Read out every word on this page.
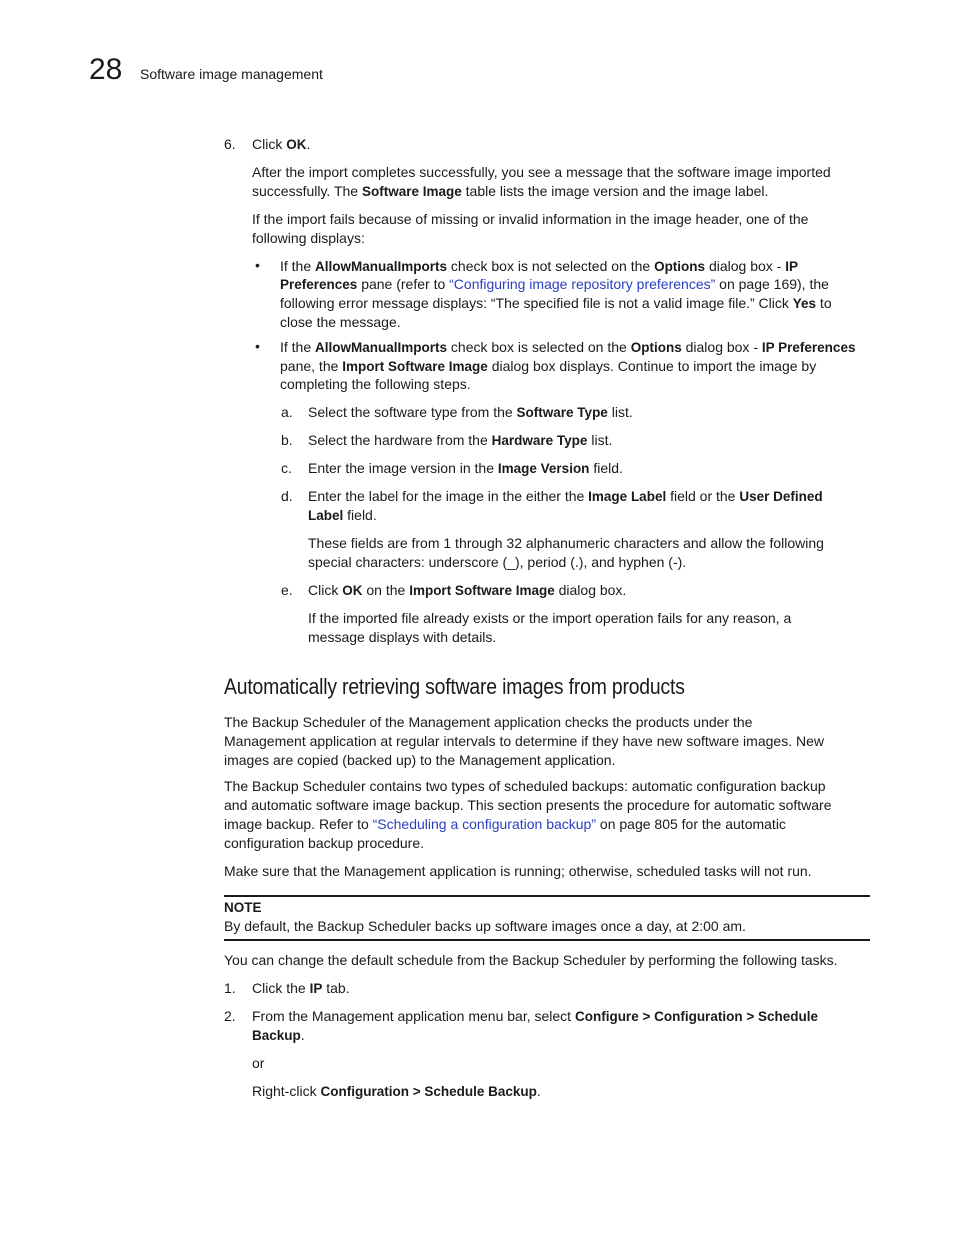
28 Software image management
6. Click OK.
After the import completes successfully, you see a message that the software image imported
successfully. The Software Image table lists the image version and the image label.
If the import fails because of missing or invalid information in the image header, one of the
following displays:
• If the AllowManualImports check box is not selected on the Options dialog box - IP
Preferences pane (refer to “Configuring image repository preferences” on page 169), the
following error message displays: “The specified file is not a valid image file.” Click Yes to
close the message.
• If the AllowManualImports check box is selected on the Options dialog box - IP Preferences
pane, the Import Software Image dialog box displays. Continue to import the image by
completing the following steps.
a. Select the software type from the Software Type list.
b. Select the hardware from the Hardware Type list.
c. Enter the image version in the Image Version field.
d. Enter the label for the image in the either the Image Label field or the User Defined
Label field.
These fields are from 1 through 32 alphanumeric characters and allow the following
special characters: underscore (_), period (.), and hyphen (-).
e. Click OK on the Import Software Image dialog box.
If the imported file already exists or the import operation fails for any reason, a
message displays with details.
Automatically retrieving software images from products
The Backup Scheduler of the Management application checks the products under the
Management application at regular intervals to determine if they have new software images. New
images are copied (backed up) to the Management application.
The Backup Scheduler contains two types of scheduled backups: automatic configuration backup
and automatic software image backup. This section presents the procedure for automatic software
image backup. Refer to “Scheduling a configuration backup” on page 805 for the automatic
configuration backup procedure.
Make sure that the Management application is running; otherwise, scheduled tasks will not run.
NOTE
By default, the Backup Scheduler backs up software images once a day, at 2:00 am.
You can change the default schedule from the Backup Scheduler by performing the following tasks.
1. Click the IP tab.
2. From the Management application menu bar, select Configure > Configuration > Schedule
Backup.
or
Right-click Configuration > Schedule Backup.
